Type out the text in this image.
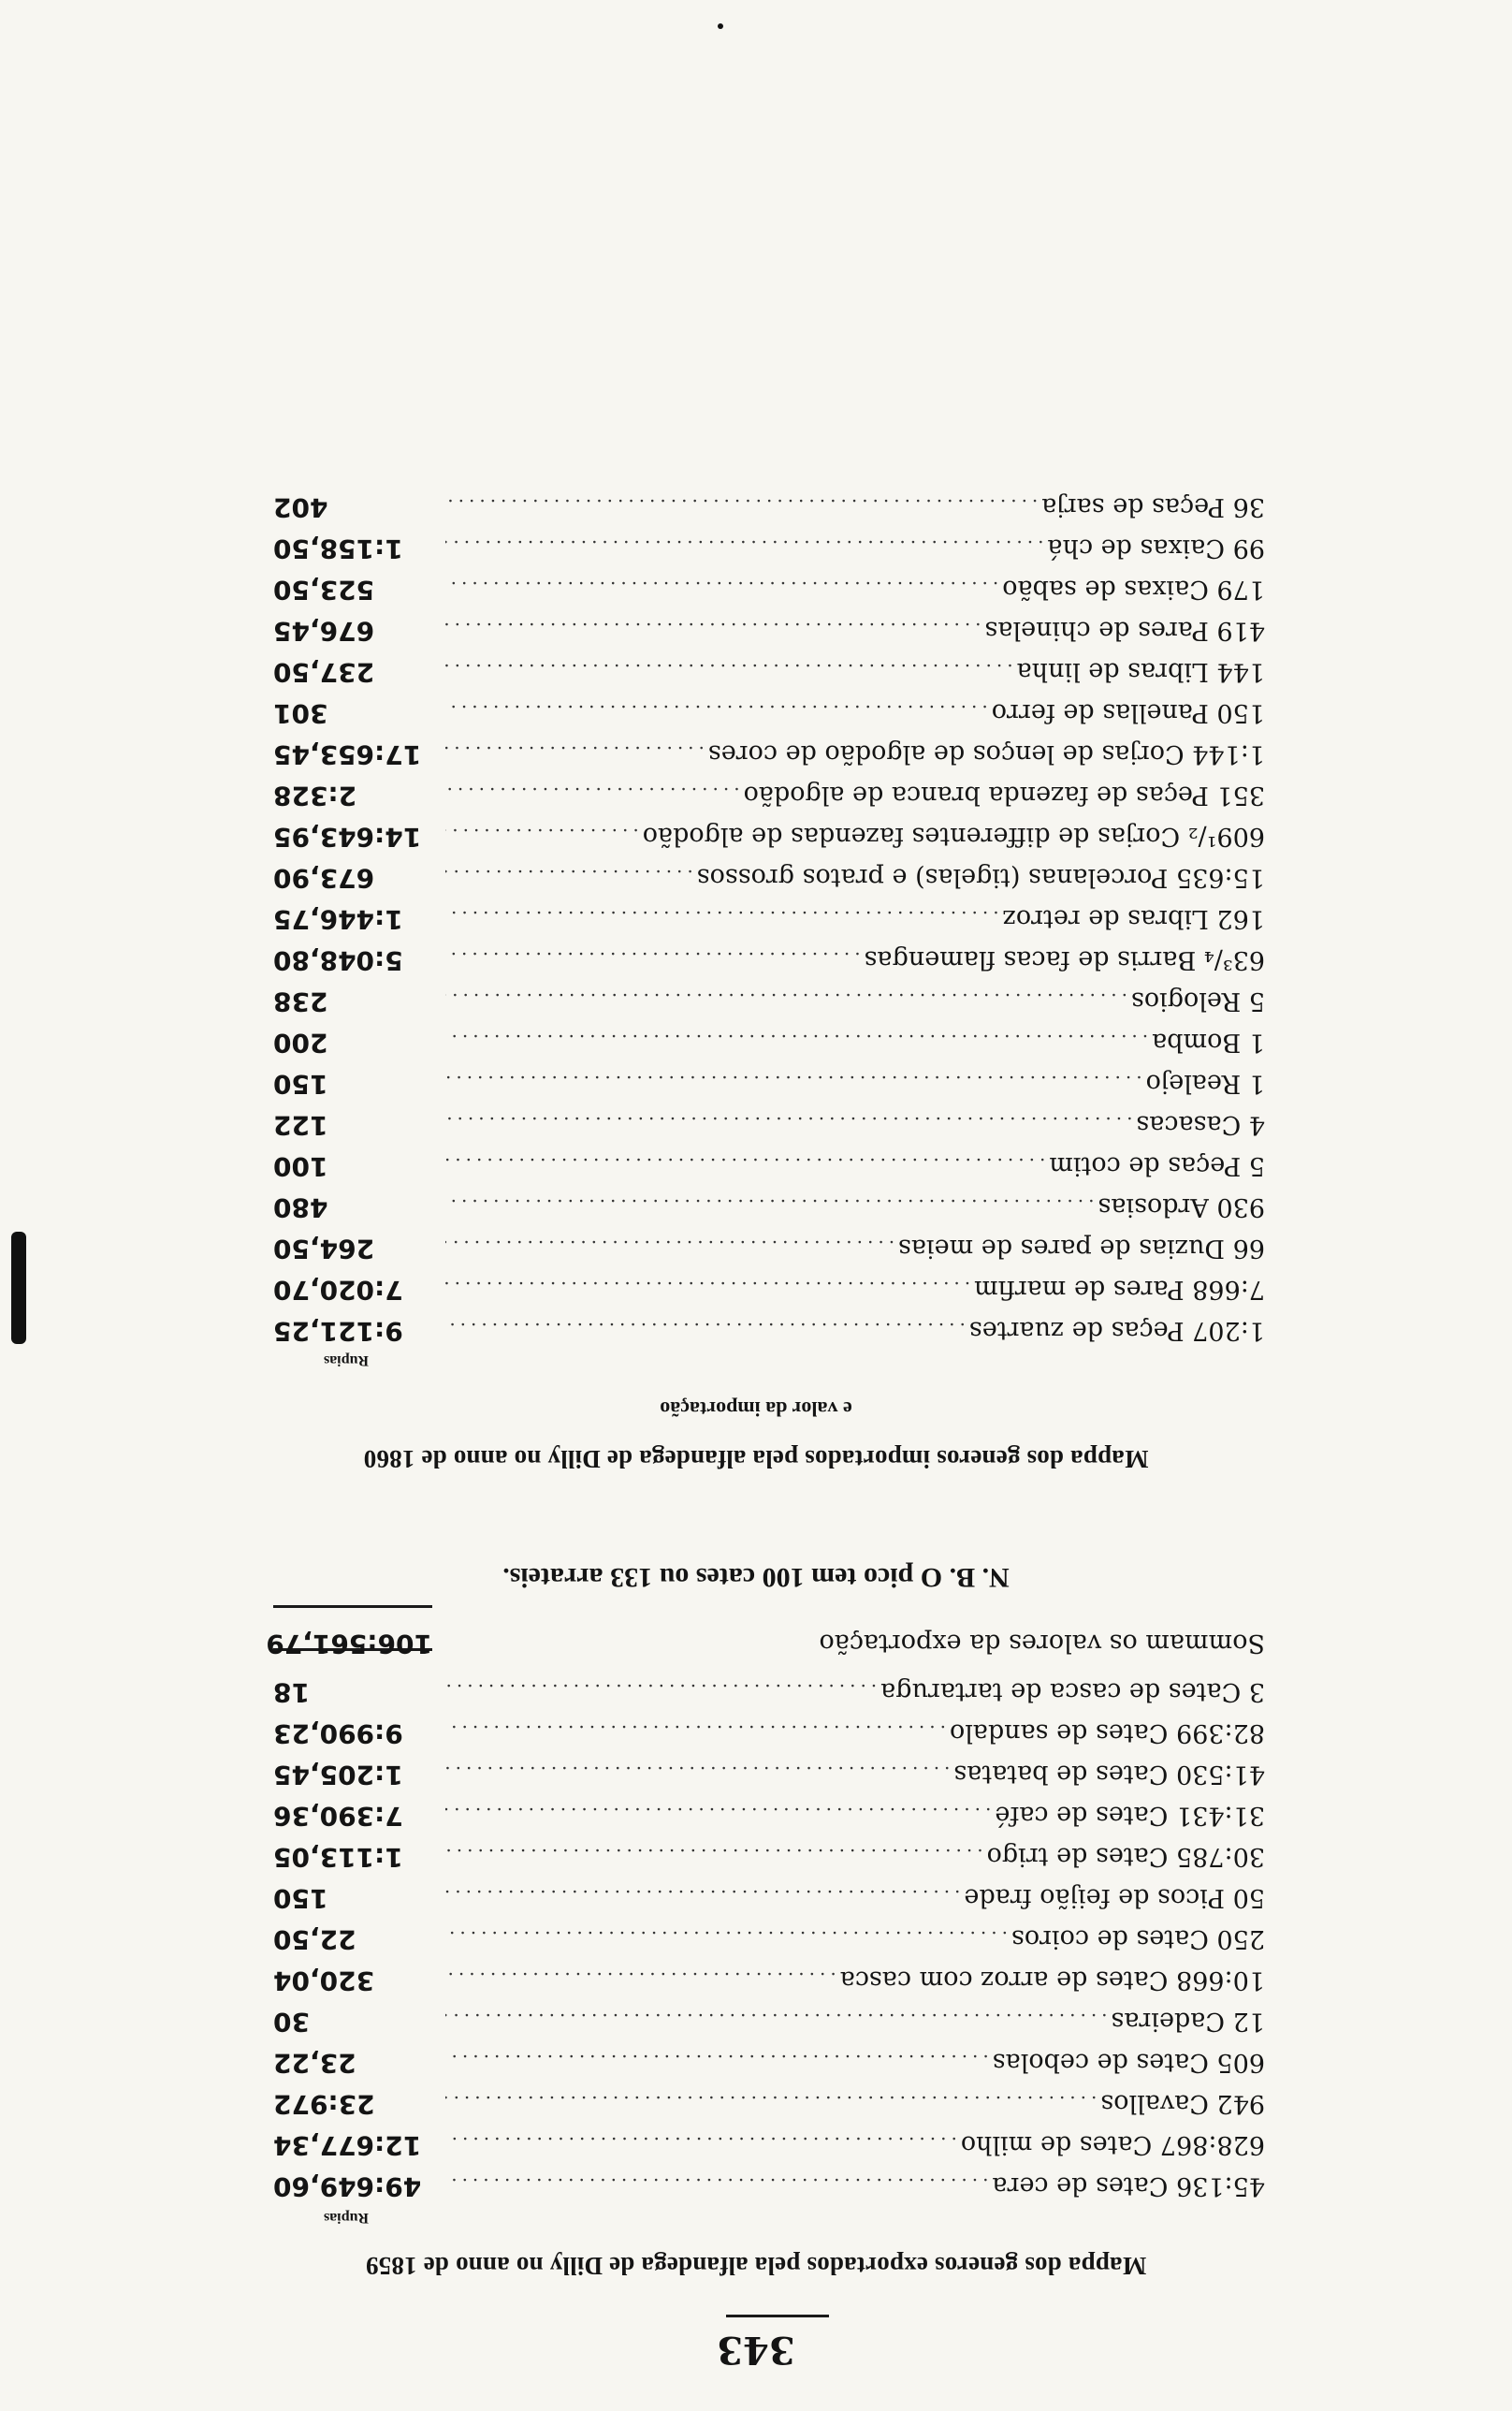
343
Mappa dos generos exportados pela alfandega de Dilly no anno de 1859
Rupias
45:136 Cates de cera
.....
49:649,60
628:867 Cates de milho
.....
12:677,34
942 Cavallos
.....
23:972
605 Cates de cebolas
.....
23,22
12 Cadeiras
.....
30
10:668 Cates de arroz com casca
.....
320,04
250 Cates de coiros
.....
22,50
50 Picos de feijão frade
.....
150
30:785 Cates de trigo
.....
1:113,05
31:431 Cates de café
.....
7:390,36
41:530 Cates de batatas
.....
1:205,45
82:399 Cates de sandalo
.....
9:990,23
3 Cates de casca de tartaruga
.....
18
Sommam os valores da exportação
106:561,79
N. B. O pico tem 100 cates ou 133 arrateis.
Mappa dos generos importados pela alfandega de Dilly no anno de 1860
e valor da importação
Rupias
1:207 Peças de zuartes
.....
9:121,25
7:668 Pares de marfim
.....
7:020,70
66 Duzias de pares de meias
.....
264,50
930 Ardosias
.....
480
5 Peças de cotim
.....
100
4 Casacas
.....
122
1 Realejo
.....
150
1 Bomba
.....
200
5 Relogios
.....
238
63³/₄ Barris de facas flamengas
.....
5:048,80
162 Libras de retroz
.....
1:446,75
15:635 Porcelanas (tigelas) e pratos grossos
.....
673,90
609¹/₂ Corjas de differentes fazendas de algodão
.....
14:643,95
351 Peças de fazenda branca de algodão
.....
2:328
1:144 Corjas de lenços de algodão de cores
.....
17:653,45
150 Panellas de ferro
.....
301
144 Libras de linha
.....
237,50
419 Pares de chinelas
.....
676,45
179 Caixas de sabão
.....
523,50
99 Caixas de chá
.....
1:158,50
36 Peças de sarja
.....
402
